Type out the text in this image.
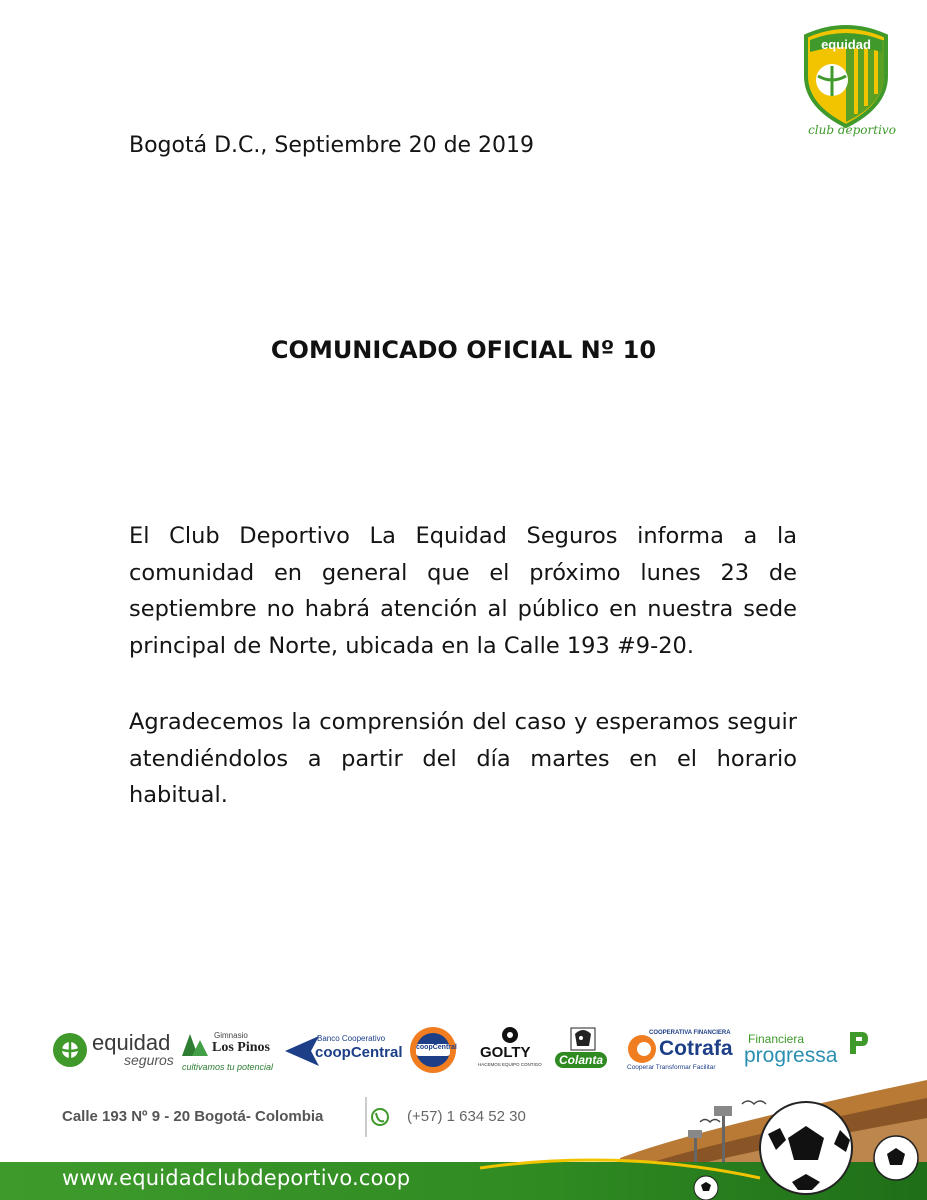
equidad
club deportivo
Bogotá D.C., Septiembre 20 de 2019
COMUNICADO OFICIAL Nº 10
El Club Deportivo La Equidad Seguros informa a la comunidad en general que el próximo lunes 23 de septiembre no habrá atención al público en nuestra sede principal de Norte, ubicada en la Calle 193 #9-20.
Agradecemos la comprensión del caso y esperamos seguir atendiéndolos a partir del día martes en el horario habitual.
equidad
seguros
Gimnasio
Los Pinos
cultivamos tu potencial
Banco Cooperativo
coopCentral coopCentral GOLTY
HACEMOS EQUIPO CONTIGO	Colanta
COOPERATIVA FINANCIERA
Cotrafa
Cooperar Transformar Facilitar
Financiera
progressa
Calle 193 Nº 9 - 20 Bogotá- Colombia	(+57) 1 634 52 30
www.equidadclubdeportivo.coop
